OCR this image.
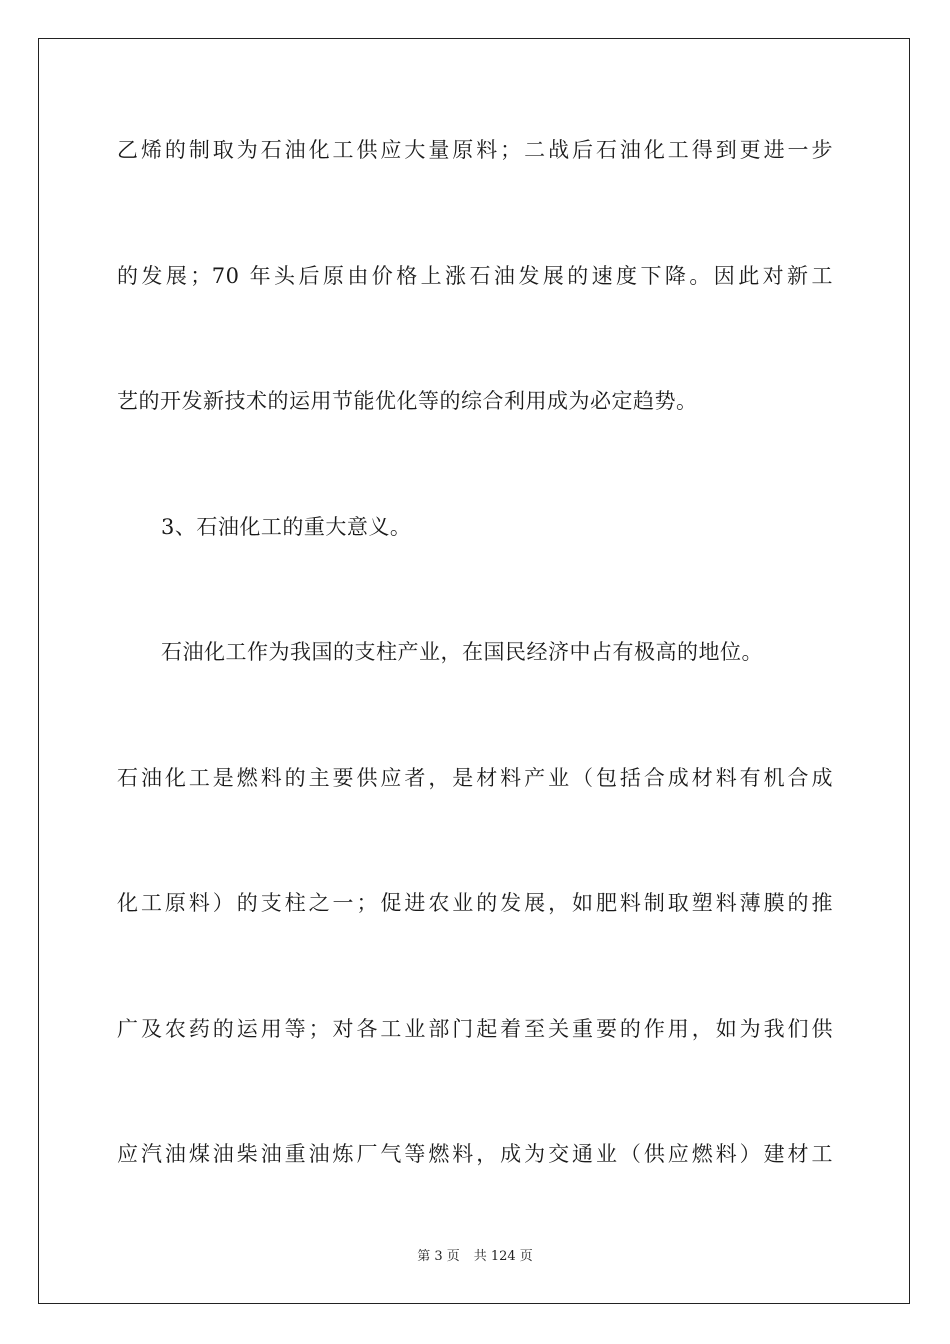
乙烯的制取为石油化工供应大量原料；二战后石油化工得到更进一步
的发展；70 年头后原由价格上涨石油发展的速度下降。因此对新工
艺的开发新技术的运用节能优化等的综合利用成为必定趋势。
3、石油化工的重大意义。
石油化工作为我国的支柱产业，在国民经济中占有极高的地位。
石油化工是燃料的主要供应者，是材料产业（包括合成材料有机合成
化工原料）的支柱之一；促进农业的发展，如肥料制取塑料薄膜的推
广及农药的运用等；对各工业部门起着至关重要的作用，如为我们供
应汽油煤油柴油重油炼厂气等燃料，成为交通业（供应燃料）建材工
第 3 页 共 124 页
